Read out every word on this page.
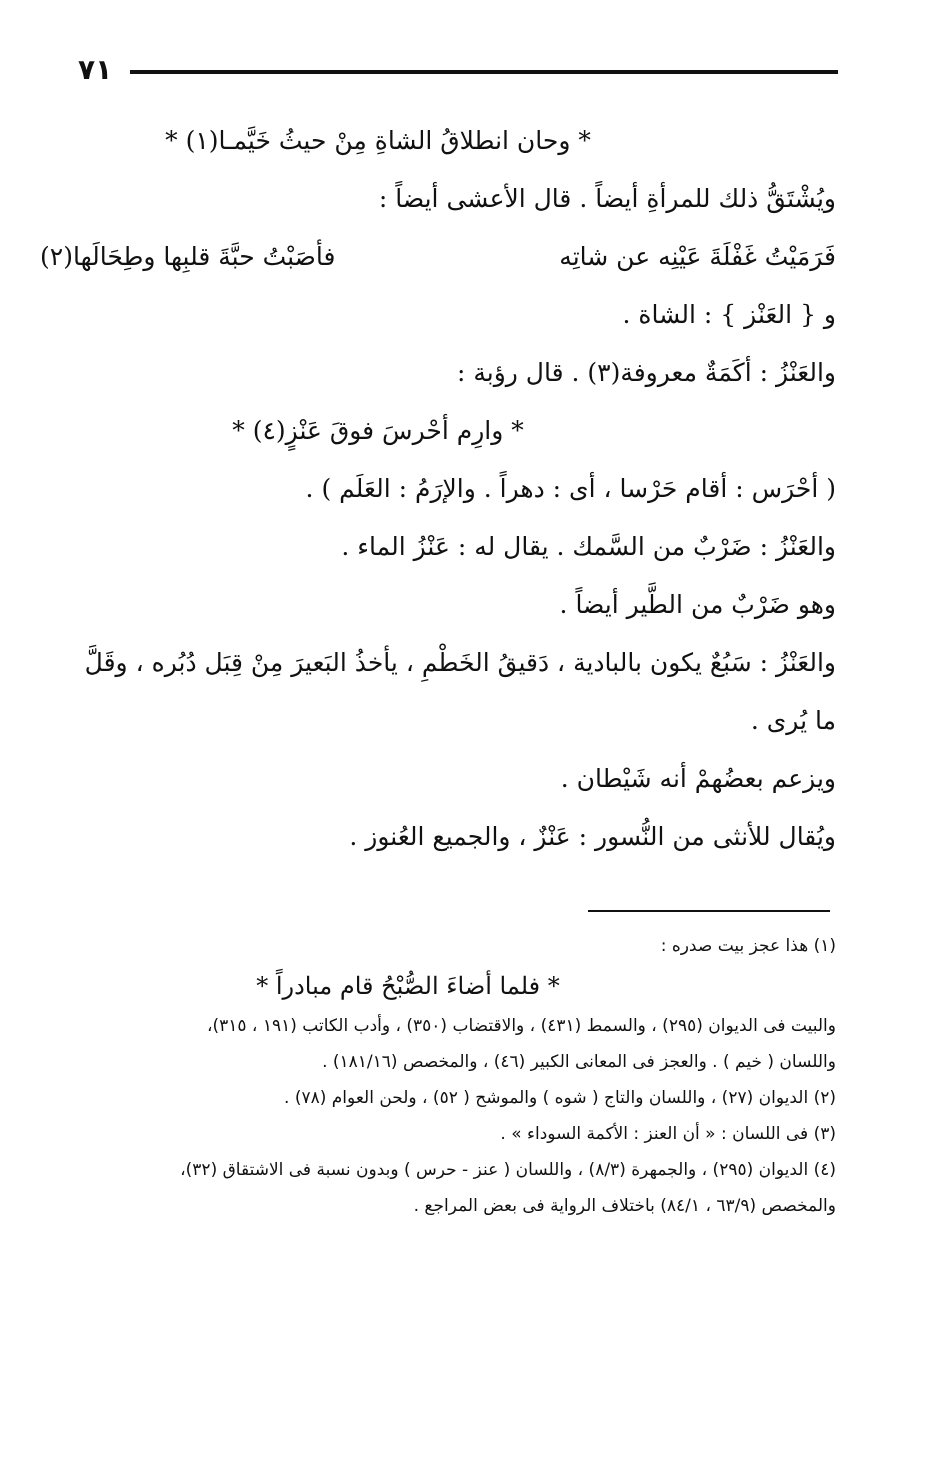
٧١
* وحان انطلاقُ الشاةِ مِنْ حيثُ خَيَّمـا(١) *
ويُشْتَقُّ ذلك للمرأةِ أيضاً . قال الأعشى أيضاً :
فَرَمَيْتُ غَفْلَةَ عَيْنِه عن شاتِه
فأصَبْتُ حبَّةَ قلبِها وطِحَالَها(٢)
و { العَنْز } : الشاة .
والعَنْزُ : أكَمَةٌ معروفة(٣) . قال رؤبة :
* وارِم أحْرسَ فوقَ عَنْزٍ(٤) *
( أحْرَس : أقام حَرْسا ، أى : دهراً . والإرَمُ : العَلَم ) .
والعَنْزُ : ضَرْبٌ من السَّمك . يقال له : عَنْزُ الماء .
وهو ضَرْبٌ من الطَّير أيضاً .
والعَنْزُ : سَبُعٌ يكون بالبادية ، دَقيقُ الخَطْمِ ، يأخذُ البَعيرَ مِنْ قِبَل دُبُره ، وقَلَّ
ما يُرى .
ويزعم بعضُهمْ أنه شَيْطان .
ويُقال للأنثى من النُّسور : عَنْزٌ ، والجميع العُنوز .
(١) هذا عجز بيت صدره :
* فلما أضاءَ الصُّبْحُ قام مبادراً *
والبيت فى الديوان (٢٩٥) ، والسمط (٤٣١) ، والاقتضاب (٣٥٠) ، وأدب الكاتب (١٩١ ، ٣١٥)،
واللسان ( خيم ) . والعجز فى المعانى الكبير (٤٦) ، والمخصص (١٨١/١٦) .
(٢) الديوان (٢٧) ، واللسان والتاج ( شوه ) والموشح ( ٥٢) ، ولحن العوام (٧٨) .
(٣) فى اللسان : « أن العنز : الأكمة السوداء » .
(٤) الديوان (٢٩٥) ، والجمهرة (٨/٣) ، واللسان ( عنز - حرس ) وبدون نسبة فى الاشتقاق (٣٢)،
والمخصص (٦٣/٩ ، ٨٤/١) باختلاف الرواية فى بعض المراجع .
